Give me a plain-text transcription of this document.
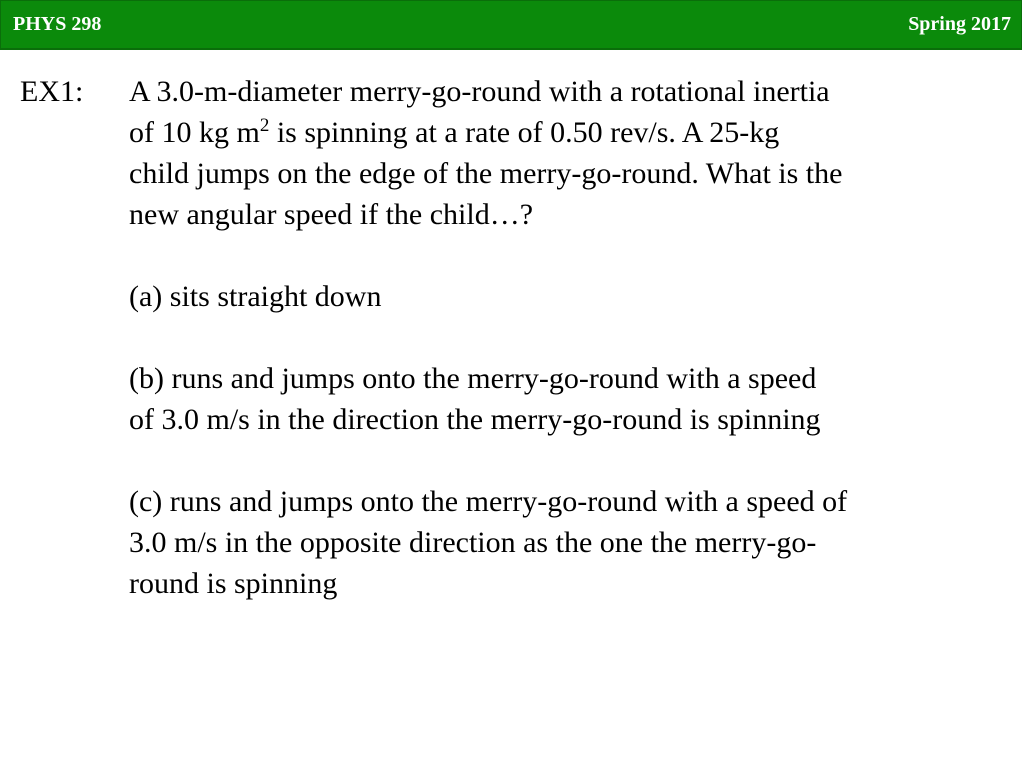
PHYS 298	Spring 2017
EX1: A 3.0-m-diameter merry-go-round with a rotational inertia
of 10 kg $m^2$ is spinning at a rate of 0.50 rev/s. A 25-kg
child jumps on the edge of the merry-go-round. What is the
new angular speed if the child…?
(a) sits straight down
(b) runs and jumps onto the merry-go-round with a speed
of 3.0 m/s in the direction the merry-go-round is spinning
(c) runs and jumps onto the merry-go-round with a speed of
3.0 m/s in the opposite direction as the one the merry-go-
round is spinning
